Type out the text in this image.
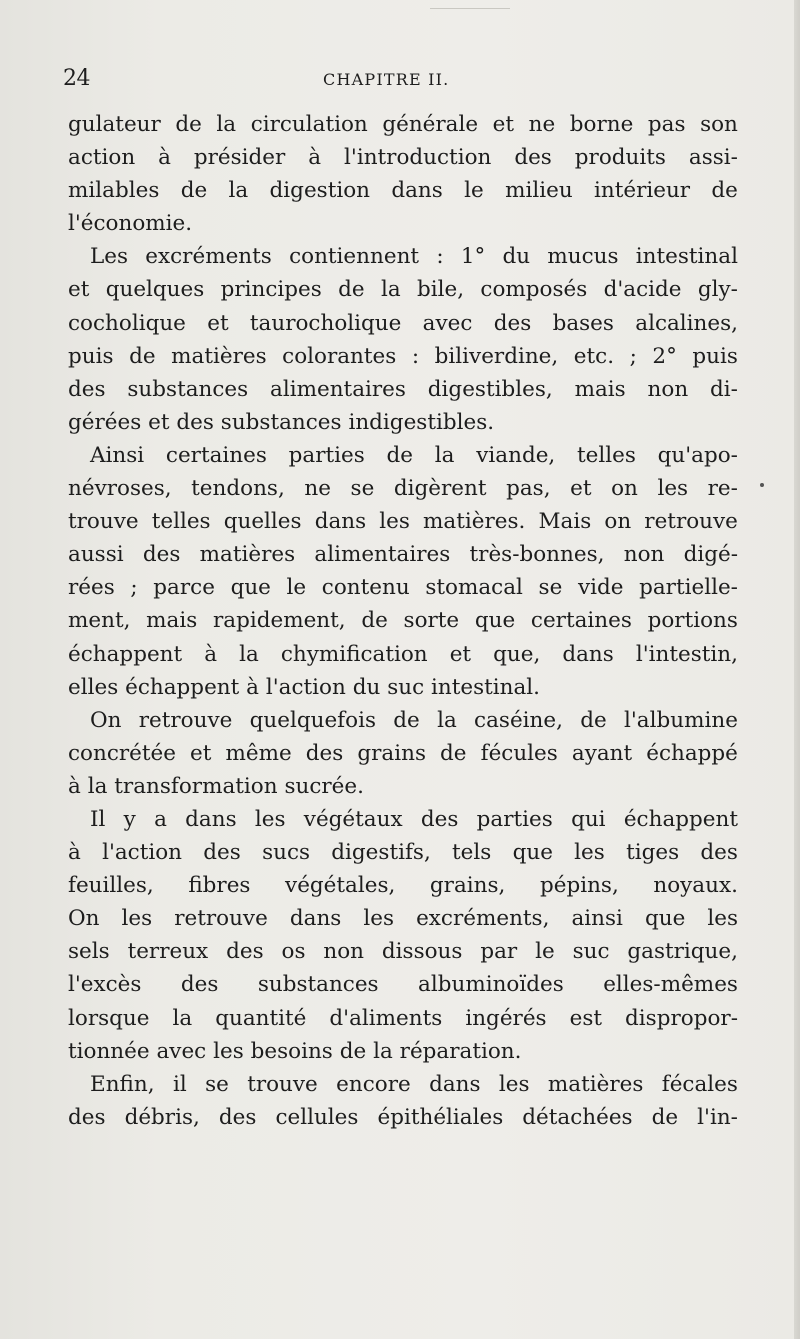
24	CHAPITRE II.
gulateur de la circulation générale et ne borne pas son
action à présider à l'introduction des produits assi-
milables de la digestion dans le milieu intérieur de
l'économie.
Les excréments contiennent : 1° du mucus intestinal
et quelques principes de la bile, composés d'acide gly-
cocholique et taurocholique avec des bases alcalines,
puis de matières colorantes : biliverdine, etc. ; 2° puis
des substances alimentaires digestibles, mais non di-
gérées et des substances indigestibles.
Ainsi certaines parties de la viande, telles qu'apo-
névroses, tendons, ne se digèrent pas, et on les re-
trouve telles quelles dans les matières. Mais on retrouve
aussi des matières alimentaires très-bonnes, non digé-
rées ; parce que le contenu stomacal se vide partielle-
ment, mais rapidement, de sorte que certaines portions
échappent à la chymification et que, dans l'intestin,
elles échappent à l'action du suc intestinal.
On retrouve quelquefois de la caséine, de l'albumine
concrétée et même des grains de fécules ayant échappé
à la transformation sucrée.
Il y a dans les végétaux des parties qui échappent
à l'action des sucs digestifs, tels que les tiges des
feuilles, fibres végétales, grains, pépins, noyaux.
On les retrouve dans les excréments, ainsi que les
sels terreux des os non dissous par le suc gastrique,
l'excès des substances albuminoïdes elles-mêmes
lorsque la quantité d'aliments ingérés est dispropor-
tionnée avec les besoins de la réparation.
Enfin, il se trouve encore dans les matières fécales
des débris, des cellules épithéliales détachées de l'in-
